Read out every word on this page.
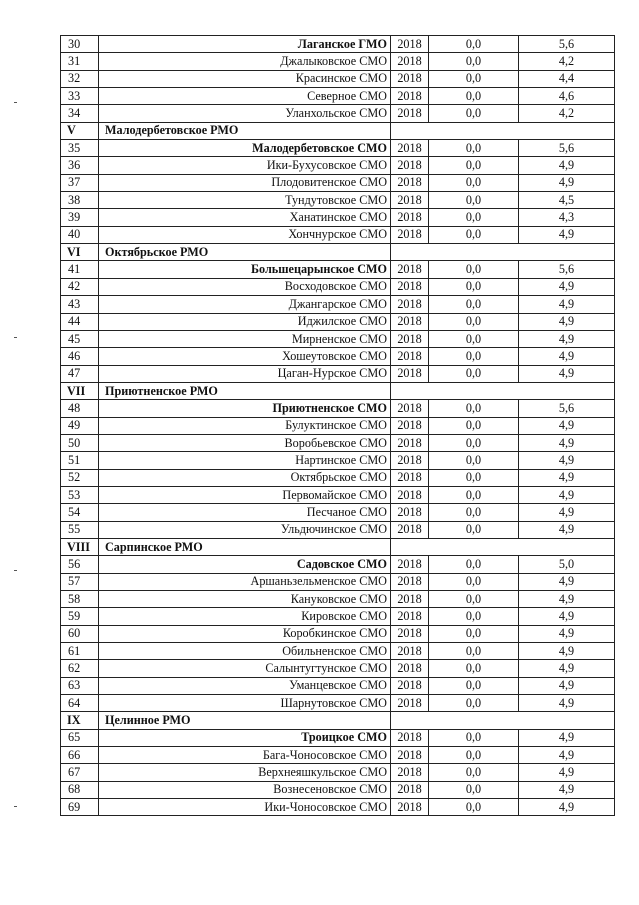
30	Лаганское ГМО	2018	0,0	5,6
31	Джалыковское СМО	2018	0,0	4,2
32	Красинское СМО	2018	0,0	4,4
33	Северное СМО	2018	0,0	4,6
34	Уланхольское СМО	2018	0,0	4,2
V	Малодербетовское РМО			
35	Малодербетовское СМО	2018	0,0	5,6
36	Ики-Бухусовское СМО	2018	0,0	4,9
37	Плодовитенское СМО	2018	0,0	4,9
38	Тундутовское СМО	2018	0,0	4,5
39	Ханатинское СМО	2018	0,0	4,3
40	Хончнурское СМО	2018	0,0	4,9
VI	Октябрьское РМО			
41	Большецарынское СМО	2018	0,0	5,6
42	Восходовское СМО	2018	0,0	4,9
43	Джангарское СМО	2018	0,0	4,9
44	Иджилское СМО	2018	0,0	4,9
45	Мирненское СМО	2018	0,0	4,9
46	Хошеутовское СМО	2018	0,0	4,9
47	Цаган-Нурское СМО	2018	0,0	4,9
VII	Приютненское РМО			
48	Приютненское СМО	2018	0,0	5,6
49	Булуктинское СМО	2018	0,0	4,9
50	Воробьевское СМО	2018	0,0	4,9
51	Нартинское СМО	2018	0,0	4,9
52	Октябрьское СМО	2018	0,0	4,9
53	Первомайское СМО	2018	0,0	4,9
54	Песчаное СМО	2018	0,0	4,9
55	Ульдючинское СМО	2018	0,0	4,9
VIII	Сарпинское РМО			
56	Садовское СМО	2018	0,0	5,0
57	Аршаньзельменское СМО	2018	0,0	4,9
58	Кануковское СМО	2018	0,0	4,9
59	Кировское СМО	2018	0,0	4,9
60	Коробкинское СМО	2018	0,0	4,9
61	Обильненское СМО	2018	0,0	4,9
62	Салынтугтунское СМО	2018	0,0	4,9
63	Уманцевское СМО	2018	0,0	4,9
64	Шарнутовское СМО	2018	0,0	4,9
IX	Целинное РМО			
65	Троицкое СМО	2018	0,0	4,9
66	Бага-Чоносовское СМО	2018	0,0	4,9
67	Верхнеяшкульское СМО	2018	0,0	4,9
68	Вознесеновское СМО	2018	0,0	4,9
69	Ики-Чоносовское СМО	2018	0,0	4,9
